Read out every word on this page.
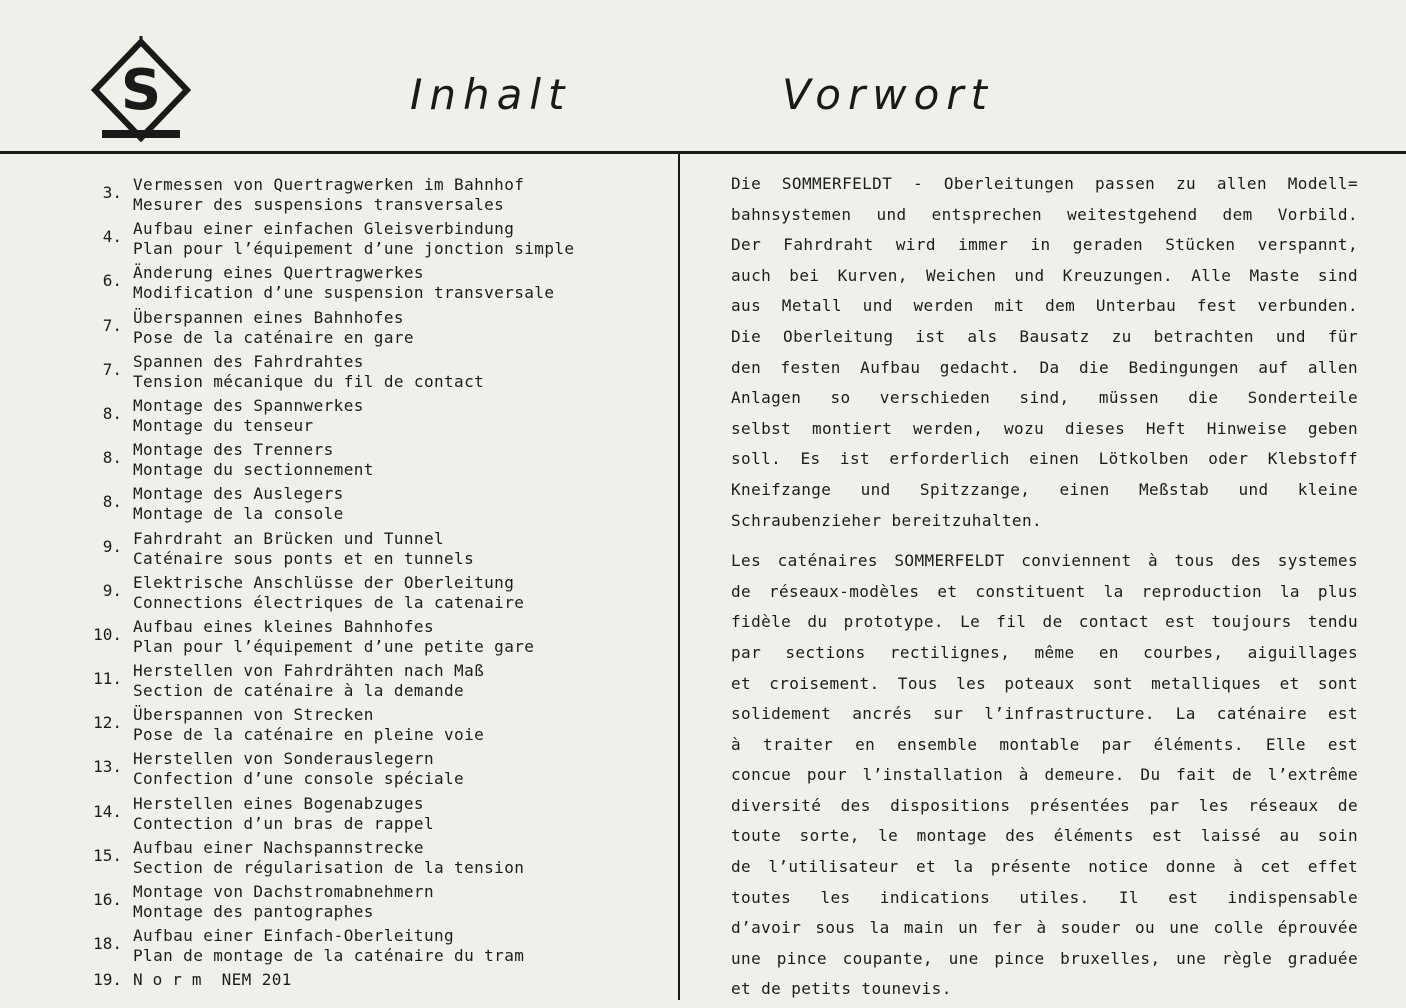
S	Inhalt	Vorwort
3. Vermessen von Quertragwerken im Bahnhof
Mesurer des suspensions transversales
4. Aufbau einer einfachen Gleisverbindung
Plan pour l’équipement d’une jonction simple
6. Änderung eines Quertragwerkes
Modification d’une suspension transversale
7. Überspannen eines Bahnhofes
Pose de la caténaire en gare
7. Spannen des Fahrdrahtes
Tension mécanique du fil de contact
8. Montage des Spannwerkes
Montage du tenseur
8. Montage des Trenners
Montage du sectionnement
8. Montage des Auslegers
Montage de la console
9. Fahrdraht an Brücken und Tunnel
Caténaire sous ponts et en tunnels
9. Elektrische Anschlüsse der Oberleitung
Connections électriques de la catenaire
10. Aufbau eines kleines Bahnhofes
Plan pour l’équipement d’une petite gare
11. Herstellen von Fahrdrähten nach Maß
Section de caténaire à la demande
12. Überspannen von Strecken
Pose de la caténaire en pleine voie
13. Herstellen von Sonderauslegern
Confection d’une console spéciale
14. Herstellen eines Bogenabzuges
Contection d’un bras de rappel
15. Aufbau einer Nachspannstrecke
Section de régularisation de la tension
16. Montage von Dachstromabnehmern
Montage des pantographes
18. Aufbau einer Einfach-Oberleitung
Plan de montage de la caténaire du tram
19. Norm NEM 201
Die SOMMERFELDT - Oberleitungen passen zu allen Modell=
bahnsystemen und entsprechen weitestgehend dem Vorbild.
Der Fahrdraht wird immer in geraden Stücken verspannt,
auch bei Kurven, Weichen und Kreuzungen. Alle Maste sind
aus Metall und werden mit dem Unterbau fest verbunden.
Die Oberleitung ist als Bausatz zu betrachten und für
den festen Aufbau gedacht. Da die Bedingungen auf allen
Anlagen so verschieden sind, müssen die Sonderteile
selbst montiert werden, wozu dieses Heft Hinweise geben
soll. Es ist erforderlich einen Lötkolben oder Klebstoff
Kneifzange und Spitzzange, einen Meßstab und kleine
Schraubenzieher bereitzuhalten.
Les caténaires SOMMERFELDT conviennent à tous des systemes
de réseaux-modèles et constituent la reproduction la plus
fidèle du prototype. Le fil de contact est toujours tendu
par sections rectilignes, même en courbes, aiguillages
et croisement. Tous les poteaux sont metalliques et sont
solidement ancrés sur l’infrastructure. La caténaire est
à traiter en ensemble montable par éléments. Elle est
concue pour l’installation à demeure. Du fait de l’extrême
diversité des dispositions présentées par les réseaux de
toute sorte, le montage des éléments est laissé au soin
de l’utilisateur et la présente notice donne à cet effet
toutes les indications utiles. Il est indispensable
d’avoir sous la main un fer à souder ou une colle éprouvée
une pince coupante, une pince bruxelles, une règle graduée
et de petits tounevis.
